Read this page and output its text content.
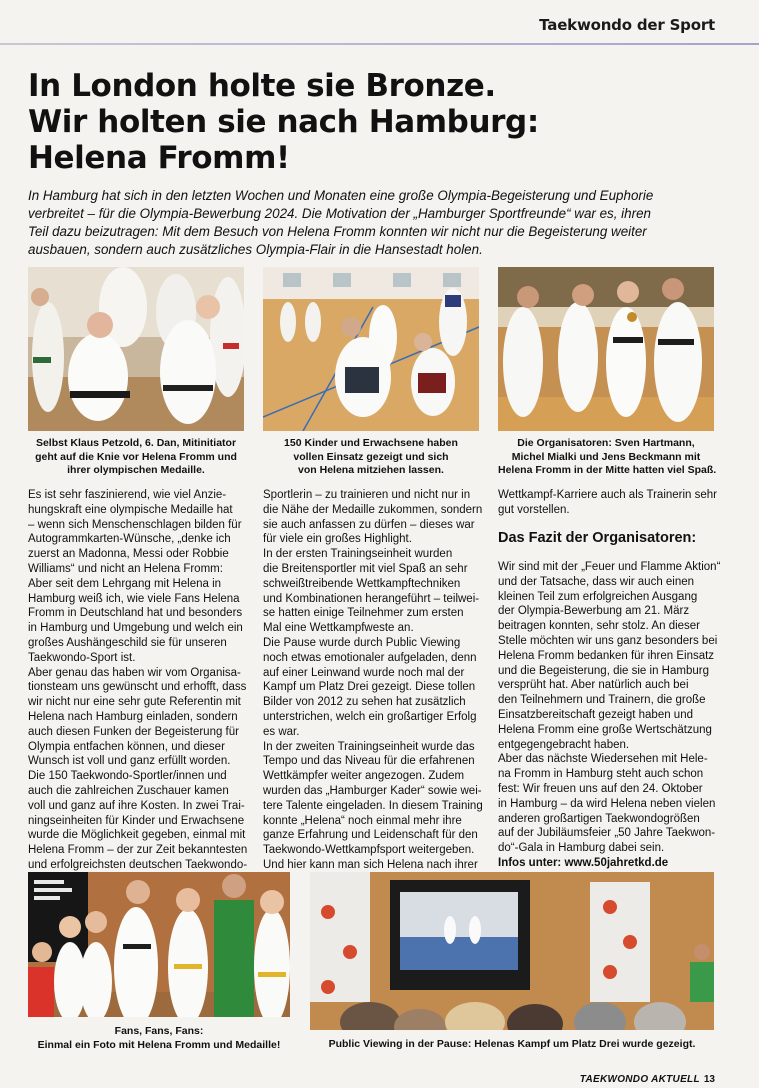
Taekwondo der Sport
In London holte sie Bronze.
Wir holten sie nach Hamburg:
Helena Fromm!
In Hamburg hat sich in den letzten Wochen und Monaten eine große Olympia-Begeisterung und Euphorie
verbreitet – für die Olympia-Bewerbung 2024. Die Motivation der „Hamburger Sportfreunde“ war es, ihren
Teil dazu beizutragen: Mit dem Besuch von Helena Fromm konnten wir nicht nur die Begeisterung weiter
ausbauen, sondern auch zusätzliches Olympia-Flair in die Hansestadt holen.
Selbst Klaus Petzold, 6. Dan, Mitinitiator
geht auf die Knie vor Helena Fromm und
ihrer olympischen Medaille.
150 Kinder und Erwachsene haben
vollen Einsatz gezeigt und sich
von Helena mitziehen lassen.
Die Organisatoren: Sven Hartmann,
Michel Mialki und Jens Beckmann mit
Helena Fromm in der Mitte hatten viel Spaß.
Es ist sehr faszinierend, wie viel Anzie-
hungskraft eine olympische Medaille hat
– wenn sich Menschenschlagen bilden für
Autogrammkarten-Wünsche, „denke ich
zuerst an Madonna, Messi oder Robbie
Williams“ und nicht an Helena Fromm:
Aber seit dem Lehrgang mit Helena in
Hamburg weiß ich, wie viele Fans Helena
Fromm in Deutschland hat und besonders
in Hamburg und Umgebung und welch ein
großes Aushängeschild sie für unseren
Taekwondo-Sport ist.
Aber genau das haben wir vom Organisa-
tionsteam uns gewünscht und erhofft, dass
wir nicht nur eine sehr gute Referentin mit
Helena nach Hamburg einladen, sondern
auch diesen Funken der Begeisterung für
Olympia entfachen können, und dieser
Wunsch ist voll und ganz erfüllt worden.
Die 150 Taekwondo-Sportler/innen und
auch die zahlreichen Zuschauer kamen
voll und ganz auf ihre Kosten. In zwei Trai-
ningseinheiten für Kinder und Erwachsene
wurde die Möglichkeit gegeben, einmal mit
Helena Fromm – der zur Zeit bekanntesten
und erfolgreichsten deutschen Taekwondo-
Sportlerin – zu trainieren und nicht nur in
die Nähe der Medaille zukommen, sondern
sie auch anfassen zu dürfen – dieses war
für viele ein großes Highlight.
In der ersten Trainingseinheit wurden
die Breitensportler mit viel Spaß an sehr
schweißtreibende Wettkampftechniken
und Kombinationen herangeführt – teilwei-
se hatten einige Teilnehmer zum ersten
Mal eine Wettkampfweste an.
Die Pause wurde durch Public Viewing
noch etwas emotionaler aufgeladen, denn
auf einer Leinwand wurde noch mal der
Kampf um Platz Drei gezeigt. Diese tollen
Bilder von 2012 zu sehen hat zusätzlich
unterstrichen, welch ein großartiger Erfolg
es war.
In der zweiten Trainingseinheit wurde das
Tempo und das Niveau für die erfahrenen
Wettkämpfer weiter angezogen. Zudem
wurden das „Hamburger Kader“ sowie wei-
tere Talente eingeladen. In diesem Training
konnte „Helena“ noch einmal mehr ihre
ganze Erfahrung und Leidenschaft für den
Taekwondo-Wettkampfsport weitergeben.
Und hier kann man sich Helena nach ihrer
Wettkampf-Karriere auch als Trainerin sehr
gut vorstellen.
Das Fazit der Organisatoren:
Wir sind mit der „Feuer und Flamme Aktion“
und der Tatsache, dass wir auch einen
kleinen Teil zum erfolgreichen Ausgang
der Olympia-Bewerbung am 21. März
beitragen konnten, sehr stolz. An dieser
Stelle möchten wir uns ganz besonders bei
Helena Fromm bedanken für ihren Einsatz
und die Begeisterung, die sie in Hamburg
versprüht hat. Aber natürlich auch bei
den Teilnehmern und Trainern, die große
Einsatzbereitschaft gezeigt haben und
Helena Fromm eine große Wertschätzung
entgegengebracht haben.
Aber das nächste Wiedersehen mit Hele-
na Fromm in Hamburg steht auch schon
fest: Wir freuen uns auf den 24. Oktober
in Hamburg – da wird Helena neben vielen
anderen großartigen Taekwondogrößen
auf der Jubiläumsfeier „50 Jahre Taekwon-
do“-Gala in Hamburg dabei sein.
Infos unter: www.50jahretkd.de
Fans, Fans, Fans:
Einmal ein Foto mit Helena Fromm und Medaille!	Public Viewing in der Pause: Helenas Kampf um Platz Drei wurde gezeigt.
TAEKWONDO AKTUELL 13
